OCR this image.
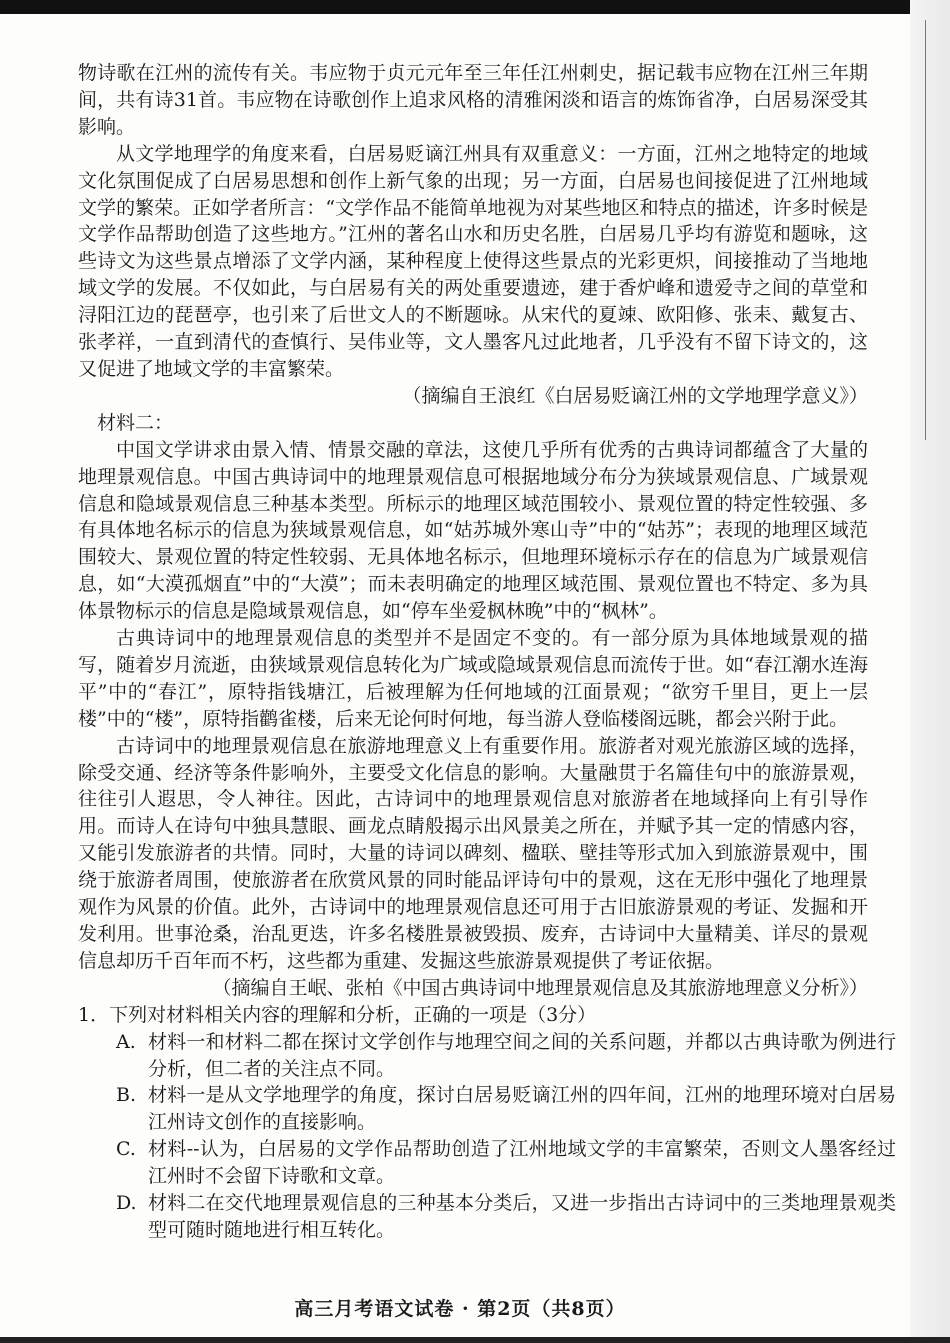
物诗歌在江州的流传有关。韦应物于贞元元年至三年任江州刺史，据记载韦应物在江州三年期间，共有诗31首。韦应物在诗歌创作上追求风格的清雅闲淡和语言的炼饰省净，白居易深受其影响。

从文学地理学的角度来看，白居易贬谪江州具有双重意义：一方面，江州之地特定的地域文化氛围促成了白居易思想和创作上新气象的出现；另一方面，白居易也间接促进了江州地域文学的繁荣。正如学者所言：“文学作品不能简单地视为对某些地区和特点的描述，许多时候是文学作品帮助创造了这些地方。”江州的著名山水和历史名胜，白居易几乎均有游览和题咏，这些诗文为这些景点增添了文学内涵，某种程度上使得这些景点的光彩更炽，间接推动了当地地域文学的发展。不仅如此，与白居易有关的两处重要遗迹，建于香炉峰和遗爱寺之间的草堂和浔阳江边的琵琶亭，也引来了后世文人的不断题咏。从宋代的夏竦、欧阳修、张耒、戴复古、张孝祥，一直到清代的查慎行、吴伟业等，文人墨客凡过此地者，几乎没有不留下诗文的，这又促进了地域文学的丰富繁荣。

（摘编自王浪红《白居易贬谪江州的文学地理学意义》）

材料二：

中国文学讲求由景入情、情景交融的章法，这使几乎所有优秀的古典诗词都蕴含了大量的地理景观信息。中国古典诗词中的地理景观信息可根据地域分布分为狭域景观信息、广域景观信息和隐域景观信息三种基本类型。所标示的地理区域范围较小、景观位置的特定性较强、多有具体地名标示的信息为狭域景观信息，如“姑苏城外寒山寺”中的“姑苏”；表现的地理区域范围较大、景观位置的特定性较弱、无具体地名标示，但地理环境标示存在的信息为广域景观信息，如“大漠孤烟直”中的“大漠”；而未表明确定的地理区域范围、景观位置也不特定、多为具体景物标示的信息是隐域景观信息，如“停车坐爱枫林晚”中的“枫林”。

古典诗词中的地理景观信息的类型并不是固定不变的。有一部分原为具体地域景观的描写，随着岁月流逝，由狭域景观信息转化为广域或隐域景观信息而流传于世。如“春江潮水连海平”中的“春江”，原特指钱塘江，后被理解为任何地域的江面景观；“欲穷千里目，更上一层楼”中的“楼”，原特指鹳雀楼，后来无论何时何地，每当游人登临楼阁远眺，都会兴附于此。

古诗词中的地理景观信息在旅游地理意义上有重要作用。旅游者对观光旅游区域的选择，除受交通、经济等条件影响外，主要受文化信息的影响。大量融贯于名篇佳句中的旅游景观，往往引人遐思，令人神往。因此，古诗词中的地理景观信息对旅游者在地域择向上有引导作用。而诗人在诗句中独具慧眼、画龙点睛般揭示出风景美之所在，并赋予其一定的情感内容，又能引发旅游者的共情。同时，大量的诗词以碑刻、楹联、壁挂等形式加入到旅游景观中，围绕于旅游者周围，使旅游者在欣赏风景的同时能品评诗句中的景观，这在无形中强化了地理景观作为风景的价值。此外，古诗词中的地理景观信息还可用于古旧旅游景观的考证、发掘和开发利用。世事沧桑，治乱更迭，许多名楼胜景被毁损、废弃，古诗词中大量精美、详尽的景观信息却历千百年而不朽，这些都为重建、发掘这些旅游景观提供了考证依据。

（摘编自王岷、张柏《中国古典诗词中地理景观信息及其旅游地理意义分析》）

1．下列对材料相关内容的理解和分析，正确的一项是（3分）

A. 材料一和材料二都在探讨文学创作与地理空间之间的关系问题，并都以古典诗歌为例进行分析，但二者的关注点不同。
B. 材料一是从文学地理学的角度，探讨白居易贬谪江州的四年间，江州的地理环境对白居易江州诗文创作的直接影响。
C. 材料--认为，白居易的文学作品帮助创造了江州地域文学的丰富繁荣，否则文人墨客经过江州时不会留下诗歌和文章。
D. 材料二在交代地理景观信息的三种基本分类后，又进一步指出古诗词中的三类地理景观类型可随时随地进行相互转化。
高三月考语文试卷 · 第2页（共8页）
